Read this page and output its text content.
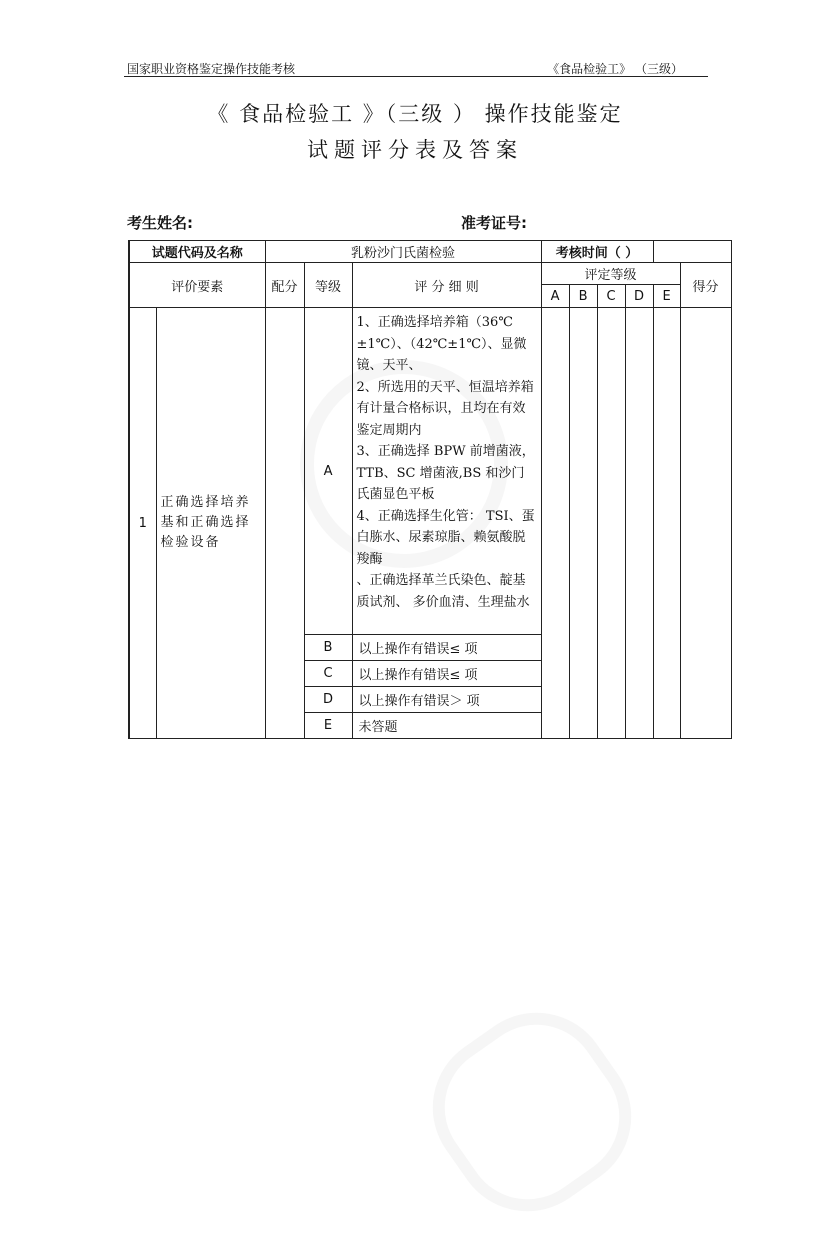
国家职业资格鉴定操作技能考核	《食品检验工》 （三级）
《 食品检验工 》（三级 ） 操作技能鉴定
试题评分表及答案
考生姓名:	准考证号:
试题代码及名称		乳粉沙门氏菌检验			考核时间（ ）					
评价要素		配分	等级	评 分 细 则	评定等级					得分
					A	B	C	D	E	
1	正确选择培养基和正确选择检验设备		A	1、正确选择培养箱（36℃±1℃）、（42℃±1℃）、显微镜、天平、
2、所选用的天平、恒温培养箱有计量合格标识，且均在有效鉴定周期内
3、正确选择 BPW 前增菌液，TTB、SC 增菌液,BS 和沙门氏菌显色平板
4、正确选择生化管： TSI、蛋白胨水、尿素琼脂、赖氨酸脱羧酶
、正确选择革兰氏染色、靛基质试剂、 多价血清、生理盐水						

			B	以上操作有错误≤ 项						
			C	以上操作有错误≤ 项						
			D	以上操作有错误＞ 项						
			E	未答题						
